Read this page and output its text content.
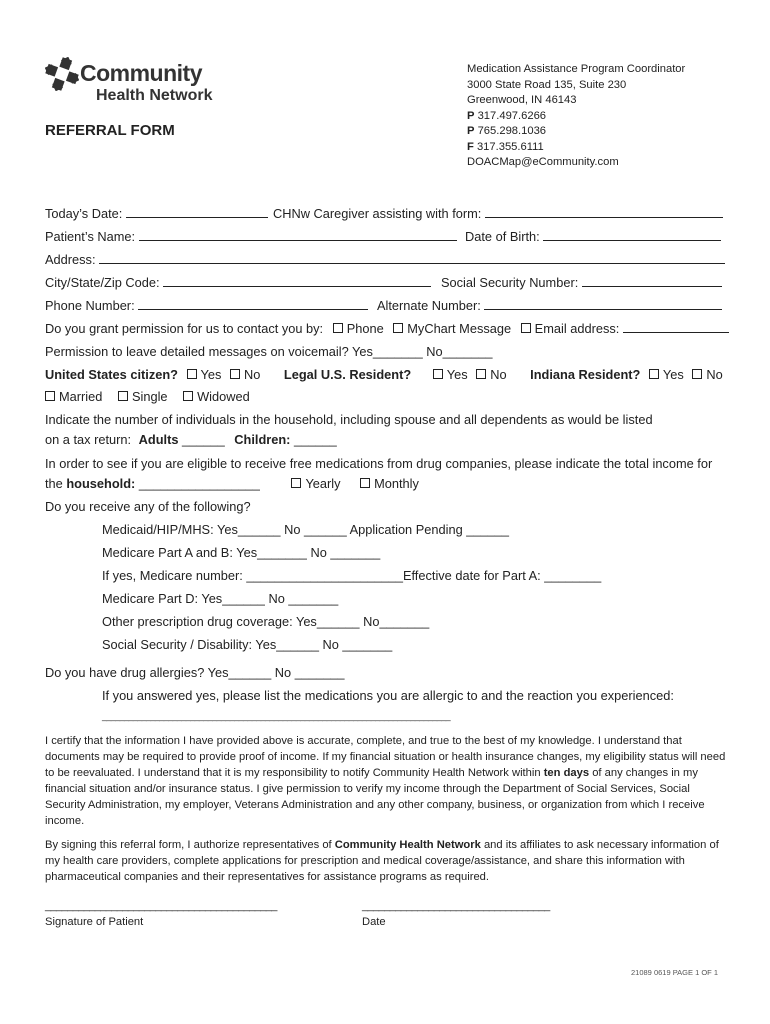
Community
Health Network
REFERRAL FORM
Medication Assistance Program Coordinator
3000 State Road 135, Suite 230
Greenwood, IN 46143
P 317.497.6266
P 765.298.1036
F 317.355.6111
DOACMap@eCommunity.com
Today’s Date:	CHNw Caregiver assisting with form:
Patient’s Name:	Date of Birth:
Address:
City/State/Zip Code:	Social Security Number:
Phone Number:	Alternate Number:
Do you grant permission for us to contact you by: Phone MyChart Message Email address:
Permission to leave detailed messages on voicemail? Yes_______ No_______
United States citizen? Yes No Legal U.S. Resident?	Yes No Indiana Resident? Yes No
Married Single Widowed
Indicate the number of individuals in the household, including spouse and all dependents as would be listed
on a tax return: Adults ______ Children: ______
In order to see if you are eligible to receive free medications from drug companies, please indicate the total income for
the household: _________________	Yearly	Monthly
Do you receive any of the following?
Medicaid/HIP/MHS: Yes______ No ______ Application Pending ______
Medicare Part A and B: Yes_______ No _______
If yes, Medicare number: ______________________Effective date for Part A: ________
Medicare Part D: Yes______ No _______
Other prescription drug coverage: Yes______ No_______
Social Security / Disability: Yes______ No _______
Do you have drug allergies? Yes______ No _______
If you answered yes, please list the medications you are allergic to and the reaction you experienced:
_______________________________________________________________________________

I certify that the information I have provided above is accurate, complete, and true to the best of my knowledge. I understand that documents may be required to provide proof of income. If my financial situation or health insurance changes, my eligibility status will need to be reevaluated. I understand that it is my responsibility to notify Community Health Network within ten days of any changes in my financial situation and/or insurance status. I give permission to verify my income through the Department of Social Services, Social Security Administration, my employer, Veterans Administration and any other company, business, or organization from which I receive income.

By signing this referral form, I authorize representatives of Community Health Network and its affiliates to ask necessary information of my health care providers, complete applications for prescription and medical coverage/assistance, and share this information with pharmaceutical companies and their representatives for assistance programs as required.

__________________________________________
Signature of Patient
__________________________________
Date
21089 0619 PAGE 1 OF 1
